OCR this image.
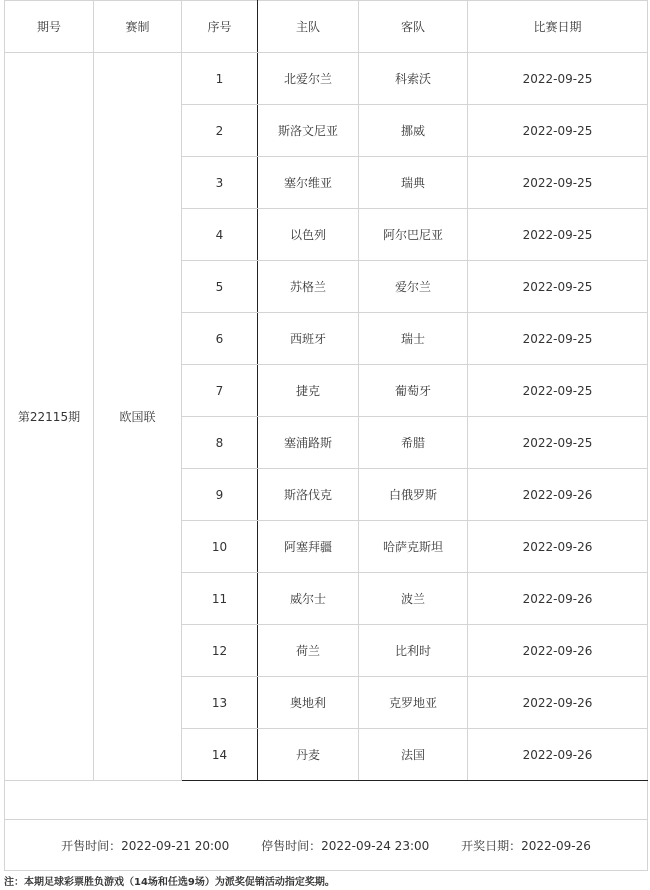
期号	赛制	序号	主队	客队	比赛日期
第22115期	欧国联	1	北爱尔兰	科索沃	2022-09-25
		2	斯洛文尼亚	挪威	2022-09-25
		3	塞尔维亚	瑞典	2022-09-25
		4	以色列	阿尔巴尼亚	2022-09-25
		5	苏格兰	爱尔兰	2022-09-25
		6	西班牙	瑞士	2022-09-25
		7	捷克	葡萄牙	2022-09-25
		8	塞浦路斯	希腊	2022-09-25
		9	斯洛伐克	白俄罗斯	2022-09-26
		10	阿塞拜疆	哈萨克斯坦	2022-09-26
		11	威尔士	波兰	2022-09-26
		12	荷兰	比利时	2022-09-26
		13	奥地利	克罗地亚	2022-09-26
		14	丹麦	法国	2022-09-26

开售时间：2022-09-21 20:00 停售时间：2022-09-24 23:00 开奖日期：2022-09-26					
注：本期足球彩票胜负游戏（14场和任选9场）为派奖促销活动指定奖期。
